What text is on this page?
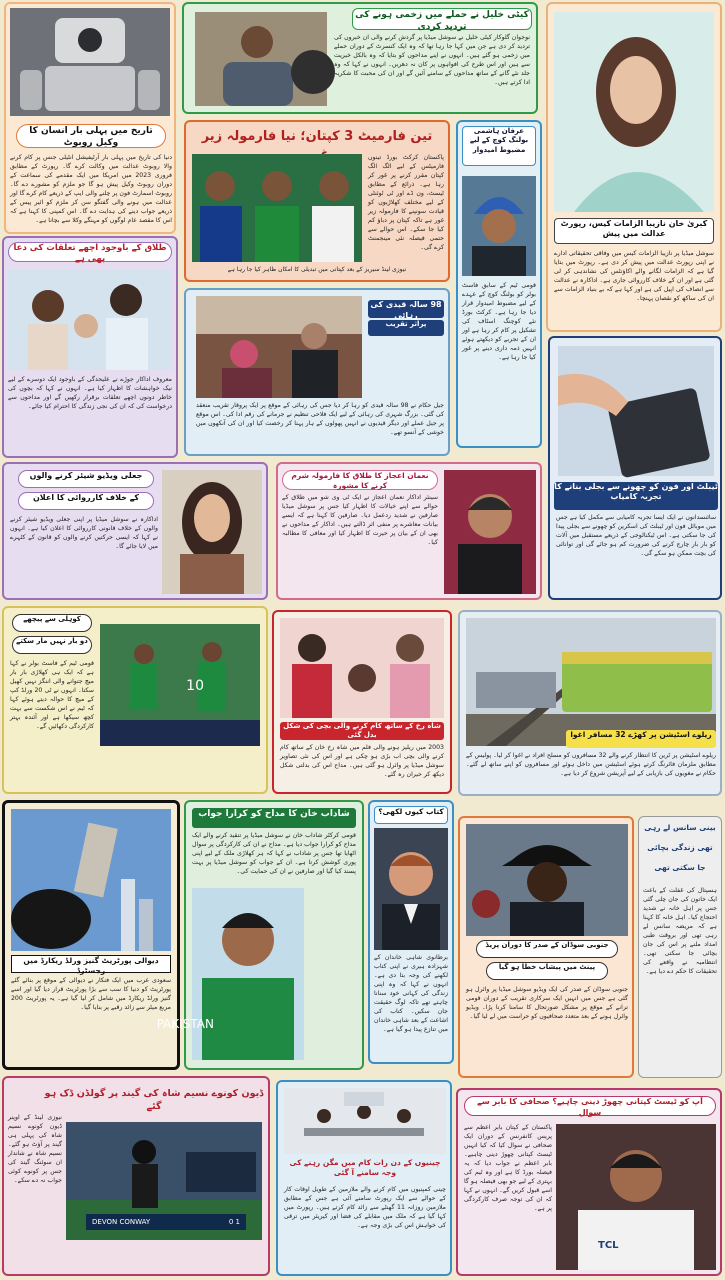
تاریخ میں پہلی بار انسان کا وکیل روبوٹ
دنیا کی تاریخ میں پہلی بار آرٹیفیشل انٹیلی جنس پر کام کرنے والا روبوٹ عدالت میں وکالت کرے گا۔ رپورٹ کے مطابق فروری 2023 میں امریکا میں ایک مقدمے کی سماعت کے دوران روبوٹ وکیل پیش ہو گا جو ملزم کو مشورے دے گا۔ روبوٹ اسمارٹ فون پر چلنے والی ایپ کے ذریعے کام کرے گا اور عدالت میں ہونے والی گفتگو سن کر ملزم کو ائیر پیس کے ذریعے جواب دینے کی ہدایت دے گا۔ اس کمپنی کا کہنا ہے کہ اس کا مقصد عام لوگوں کو مہنگے وکلا سے بچانا ہے۔
کیٹی خلیل نے حملے میں زخمی ہونے کی تردید کردی
نوجوان گلوکار کیٹی خلیل نے سوشل میڈیا پر گردش کرنے والی ان خبروں کی تردید کر دی ہے جن میں کہا جا رہا تھا کہ وہ ایک کنسرٹ کے دوران حملے میں زخمی ہو گئے ہیں۔ انہوں نے اپنے مداحوں کو بتایا کہ وہ بالکل خیریت سے ہیں اور اس طرح کی افواہوں پر کان نہ دھریں۔ انہوں نے کہا کہ وہ جلد نئے گانے کے ساتھ مداحوں کے سامنے آئیں گے اور ان کی محبت کا شکریہ ادا کرتے ہیں۔
کبریٰ خان نازیبا الزامات کیس، رپورٹ عدالت میں پیش
سوشل میڈیا پر نازیبا الزامات کیس میں وفاقی تحقیقاتی ادارے نے اپنی رپورٹ عدالت میں پیش کر دی ہے۔ رپورٹ میں بتایا گیا ہے کہ الزامات لگانے والے اکاؤنٹس کی نشاندہی کر لی گئی ہے اور ان کے خلاف کارروائی جاری ہے۔ اداکارہ نے عدالت سے انصاف کی اپیل کی ہے اور کہا ہے کہ بے بنیاد الزامات سے ان کی ساکھ کو نقصان پہنچا۔
تین فارمیٹ 3 کپتان؛ نیا فارمولہ زیر
پاکستان کرکٹ بورڈ تینوں فارمیٹس کے لیے الگ الگ کپتان مقرر کرنے پر غور کر رہا ہے۔ ذرائع کے مطابق ٹیسٹ، ون ڈے اور ٹی ٹوئنٹی کے لیے مختلف کھلاڑیوں کو قیادت سونپنے کا فارمولہ زیر غور ہے تاکہ کپتان پر دباؤ کم کیا جا سکے۔ اس حوالے سے حتمی فیصلہ نئی مینجمنٹ کرے گی۔
نیوزی لینڈ سیریز کے بعد کپتانی میں تبدیلی کا امکان ظاہر کیا جا رہا ہے
عرفان ہاشمی بولنگ کوچ کے لیے مضبوط امیدوار
قومی ٹیم کے سابق فاسٹ بولر کو بولنگ کوچ کے عہدے کے لیے مضبوط امیدوار قرار دیا جا رہا ہے۔ کرکٹ بورڈ نئے کوچنگ اسٹاف کی تشکیل پر کام کر رہا ہے اور ان کے تجربے کو دیکھتے ہوئے انہیں ذمہ داری دینے پر غور کیا جا رہا ہے۔
طلاق کے باوجود اچھے تعلقات کی دعا بھی ہے
معروف اداکار جوڑے نے علیحدگی کے باوجود ایک دوسرے کے لیے نیک خواہشات کا اظہار کیا ہے۔ انہوں نے کہا کہ بچوں کی خاطر دونوں اچھے تعلقات برقرار رکھیں گے اور مداحوں سے درخواست کی کہ ان کی نجی زندگی کا احترام کیا جائے۔
98 سالہ قیدی کی رہائی
پراثر تقریب
جیل حکام نے 98 سالہ قیدی کو رہا کر دیا جس کی رہائی کے موقع پر ایک پروقار تقریب منعقد کی گئی۔ بزرگ شہری کی رہائی کے لیے ایک فلاحی تنظیم نے جرمانے کی رقم ادا کی۔ اس موقع پر جیل عملے اور دیگر قیدیوں نے انہیں پھولوں کے ہار پہنا کر رخصت کیا اور ان کی آنکھوں میں خوشی کے آنسو تھے۔
ٹیبلٹ اور فون کو چھونے سے بجلی بنانے کا تجربہ کامیاب
سائنسدانوں نے ایک ایسا تجربہ کامیابی سے مکمل کیا ہے جس میں موبائل فون اور ٹیبلٹ کی اسکرین کو چھونے سے بجلی پیدا کی جا سکتی ہے۔ اس ٹیکنالوجی کے ذریعے مستقبل میں آلات کو بار بار چارج کرنے کی ضرورت کم ہو جائے گی اور توانائی کی بچت ممکن ہو سکے گی۔
جعلی ویڈیو شیئر کرنے والوں
کے خلاف کارروائی کا اعلان
اداکارہ نے سوشل میڈیا پر اپنی جعلی ویڈیو شیئر کرنے والوں کے خلاف قانونی کارروائی کا اعلان کیا ہے۔ انہوں نے کہا کہ ایسی حرکتیں کرنے والوں کو قانون کے کٹہرے میں لایا جائے گا۔
نعمان اعجاز کا طلاق کا فارمولہ شرم کرنے کا مشورہ
سینئر اداکار نعمان اعجاز نے ایک ٹی وی شو میں طلاق کے حوالے سے اپنے خیالات کا اظہار کیا جس پر سوشل میڈیا صارفین نے شدید ردعمل دیا۔ صارفین کا کہنا ہے کہ ایسے بیانات معاشرے پر منفی اثر ڈالتے ہیں۔ اداکار کے مداحوں نے بھی ان کے بیان پر حیرت کا اظہار کیا اور معافی کا مطالبہ کیا۔
کوہلی سے پیچھے
دو بار نہیں مار سکتے
قومی ٹیم کے فاسٹ بولر نے کہا ہے کہ ایک ہی کھلاڑی بار بار میچ جتوانے والی اننگز نہیں کھیل سکتا۔ انہوں نے ٹی 20 ورلڈ کپ کے میچ کا حوالہ دیتے ہوئے کہا کہ ٹیم نے اس شکست سے بہت کچھ سیکھا ہے اور آئندہ بہتر کارکردگی دکھائیں گے۔
10
شاہ رخ کے ساتھ کام کرنے والی بچی کی شکل بدل گئی
2003 میں ریلیز ہونے والی فلم میں شاہ رخ خان کے ساتھ کام کرنے والی بچی اب بڑی ہو چکی ہے اور اس کی نئی تصاویر سوشل میڈیا پر وائرل ہو گئی ہیں۔ مداح اس کی بدلتی شکل دیکھ کر حیران رہ گئے۔
ریلوے اسٹیشن پر کھڑے 32 مسافر اغوا
ریلوے اسٹیشن پر ٹرین کا انتظار کرنے والے 32 مسافروں کو مسلح افراد نے اغوا کر لیا۔ پولیس کے مطابق ملزمان فائرنگ کرتے ہوئے اسٹیشن میں داخل ہوئے اور مسافروں کو اپنے ساتھ لے گئے۔ حکام نے مغویوں کی بازیابی کے لیے آپریشن شروع کر دیا ہے۔
دیوالی پورٹریٹ گنیز ورلڈ ریکارڈ میں رجسٹرڈ
سعودی عرب میں ایک فنکار نے دیوالی کے موقع پر بنائے گئے پورٹریٹ کو دنیا کا سب سے بڑا پورٹریٹ قرار دیا گیا اور اسے گنیز ورلڈ ریکارڈ میں شامل کر لیا گیا ہے۔ یہ پورٹریٹ 200 مربع میٹر سے زائد رقبے پر بنایا گیا۔
شاداب خان کا مداح کو کرارا جواب
قومی کرکٹر شاداب خان نے سوشل میڈیا پر تنقید کرنے والے ایک مداح کو کرارا جواب دیا ہے۔ مداح نے ان کی کارکردگی پر سوال اٹھایا تھا جس پر شاداب نے کہا کہ ہر کھلاڑی ملک کے لیے اپنی پوری کوشش کرتا ہے۔ ان کے جواب کو سوشل میڈیا پر بہت پسند کیا گیا اور صارفین نے ان کی حمایت کی۔
PAKISTAN
کتاب کیوں لکھی؟
برطانوی شاہی خاندان کے شہزادہ ہیری نے اپنی کتاب لکھنے کی وجہ بتا دی ہے۔ انہوں نے کہا کہ وہ اپنی زندگی کی کہانی خود سنانا چاہتے تھے تاکہ لوگ حقیقت جان سکیں۔ کتاب کی اشاعت کے بعد شاہی خاندان میں تنازع پیدا ہو گیا ہے۔
جنوبی سوڈان کے صدر کا دوران پریڈ
پینٹ میں پیشاب خطا ہو گیا
جنوبی سوڈان کے صدر کی ایک ویڈیو سوشل میڈیا پر وائرل ہو گئی ہے جس میں انہیں ایک سرکاری تقریب کے دوران قومی ترانے کے موقع پر مشکل صورتحال کا سامنا کرنا پڑا۔ ویڈیو وائرل ہونے کے بعد متعدد صحافیوں کو حراست میں لے لیا گیا۔
بینی سانس لے رہی
تھی زندگی بچائی
جا سکتی تھی
ہسپتال کی غفلت کے باعث ایک خاتون کی جان چلی گئی جس پر اہل خانہ نے شدید احتجاج کیا۔ اہل خانہ کا کہنا ہے کہ مریضہ سانس لے رہی تھی اور بروقت طبی امداد ملنے پر اس کی جان بچائی جا سکتی تھی۔ انتظامیہ نے واقعے کی تحقیقات کا حکم دے دیا ہے۔
ڈیون کونوے نسیم شاہ کی گیند پر گولڈن ڈک ہو گئے
نیوزی لینڈ کے اوپنر ڈیون کونوے نسیم شاہ کی پہلی ہی گیند پر آؤٹ ہو گئے۔ نسیم شاہ نے شاندار ان سوئنگ گیند کی جس پر کونوے کوئی جواب نہ دے سکے۔
DEVON CONWAY	0 1
چینیوں کے دن رات کام میں مگن رہنے کی وجہ سامنے آ گئی
چینی کمپنیوں میں کام کرنے والے ملازمین کے طویل اوقات کار کے حوالے سے ایک رپورٹ سامنے آئی ہے جس کے مطابق ملازمین روزانہ 11 گھنٹے سے زائد کام کرتے ہیں۔ رپورٹ میں کہا گیا ہے کہ ملک میں مقابلے کی فضا اور کیریئر میں ترقی کی خواہش اس کی بڑی وجہ ہے۔
آپ کو ٹیسٹ کپتانی چھوڑ دینی چاہیے؟ صحافی کا بابر سے سوال
TCL
پاکستان کے کپتان بابر اعظم سے پریس کانفرنس کے دوران ایک صحافی نے سوال کیا کہ کیا انہیں ٹیسٹ کپتانی چھوڑ دینی چاہیے۔ بابر اعظم نے جواب دیا کہ یہ فیصلہ بورڈ کا ہے اور وہ ٹیم کی بہتری کے لیے جو بھی فیصلہ ہو گا اسے قبول کریں گے۔ انہوں نے کہا کہ ان کی توجہ صرف کارکردگی پر ہے۔
